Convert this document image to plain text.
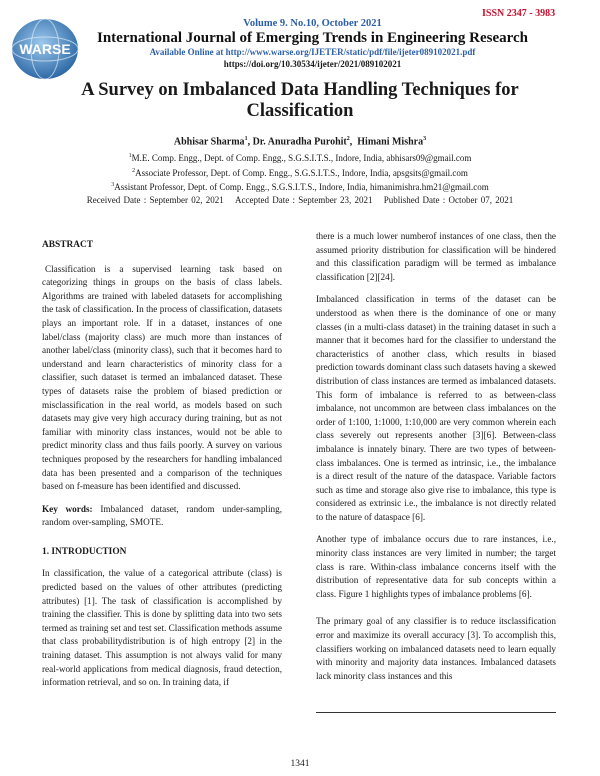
ISSN 2347 - 3983
WARSE
Volume 9. No.10, October 2021
International Journal of Emerging Trends in Engineering Research
Available Online at http://www.warse.org/IJETER/static/pdf/file/ijeter089102021.pdf
https://doi.org/10.30534/ijeter/2021/089102021
A Survey on Imbalanced Data Handling Techniques for Classification
Abhisar Sharma$^1$, Dr. Anuradha Purohit$^2$,  Himani Mishra$^3$
$^1$M.E. Comp. Engg., Dept. of Comp. Engg., S.G.S.I.T.S., Indore, India, abhisars09@gmail.com
$^2$Associate Professor, Dept. of Comp. Engg., S.G.S.I.T.S., Indore, India, apsgsits@gmail.com
$^3$Assistant Professor, Dept. of Comp. Engg., S.G.S.I.T.S., Indore, India, himanimishra.hm21@gmail.com
Received Date : September 02, 2021 Accepted Date : September 23, 2021 Published Date : October 07, 2021
ABSTRACT

Classification is a supervised learning task based on categorizing things in groups on the basis of class labels. Algorithms are trained with labeled datasets for accomplishing the task of classification. In the process of classification, datasets plays an important role. If in a dataset, instances of one label/class (majority class) are much more than instances of another label/class (minority class), such that it becomes hard to understand and learn characteristics of minority class for a classifier, such dataset is termed an imbalanced dataset. These types of datasets raise the problem of biased prediction or misclassification in the real world, as models based on such datasets may give very high accuracy during training, but as not familiar with minority class instances, would not be able to predict minority class and thus fails poorly. A survey on various techniques proposed by the researchers for handling imbalanced data has been presented and a comparison of the techniques based on f-measure has been identified and discussed.

Key words: Imbalanced dataset, random under-sampling, random over-sampling, SMOTE.

1. INTRODUCTION

In classification, the value of a categorical attribute (class) is predicted based on the values of other attributes (predicting attributes) [1]. The task of classification is accomplished by training the classifier. This is done by splitting data into two sets termed as training set and test set. Classification methods assume that class probabilitydistribution is of high entropy [2] in the training dataset. This assumption is not always valid for many real-world applications from medical diagnosis, fraud detection, information retrieval, and so on. In training data, if

there is a much lower numberof instances of one class, then the assumed priority distribution for classification will be hindered and this classification paradigm will be termed as imbalance classification [2][24].

Imbalanced classification in terms of the dataset can be understood as when there is the dominance of one or many classes (in a multi-class dataset) in the training dataset in such a manner that it becomes hard for the classifier to understand the characteristics of another class, which results in biased prediction towards dominant class such datasets having a skewed distribution of class instances are termed as imbalanced datasets. This form of imbalance is referred to as between-class imbalance, not uncommon are between class imbalances on the order of 1:100, 1:1000, 1:10,000 are very common wherein each class severely out represents another [3][6]. Between-class imbalance is innately binary. There are two types of between-class imbalances. One is termed as intrinsic, i.e., the imbalance is a direct result of the nature of the dataspace. Variable factors such as time and storage also give rise to imbalance, this type is considered as extrinsic i.e., the imbalance is not directly related to the nature of dataspace [6].

Another type of imbalance occurs due to rare instances, i.e., minority class instances are very limited in number; the target class is rare. Within-class imbalance concerns itself with the distribution of representative data for sub concepts within a class. Figure 1 highlights types of imbalance problems [6].

The primary goal of any classifier is to reduce itsclassification error and maximize its overall accuracy [3]. To accomplish this, classifiers working on imbalanced datasets need to learn equally with minority and majority data instances. Imbalanced datasets lack minority class instances and this

1341
